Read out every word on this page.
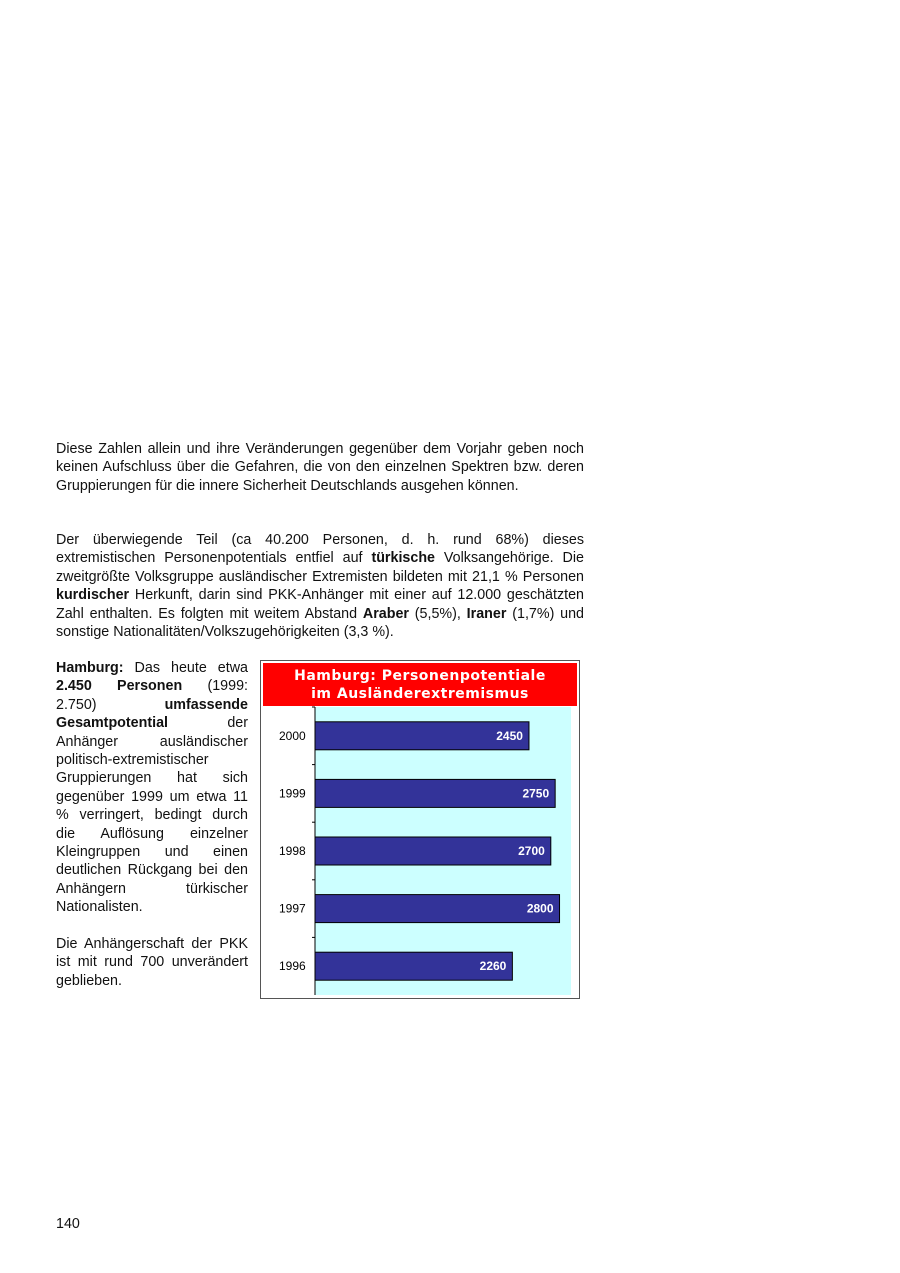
Diese Zahlen allein und ihre Veränderungen gegenüber dem Vorjahr geben noch keinen Aufschluss über die Gefahren, die von den einzelnen Spektren bzw. deren Gruppierungen für die innere Sicherheit Deutschlands ausgehen können.
Der überwiegende Teil (ca 40.200 Personen, d. h. rund 68%) dieses extremistischen Personenpotentials entfiel auf türkische Volksangehörige. Die zweitgrößte Volksgruppe ausländischer Extremisten bildeten mit 21,1 % Personen kurdischer Herkunft, darin sind PKK-Anhänger mit einer auf 12.000 geschätzten Zahl enthalten. Es folgten mit weitem Abstand Araber (5,5%), Iraner (1,7%) und sonstige Nationalitäten/Volkszugehörigkeiten (3,3 %).
Hamburg: Das heute etwa 2.450 Personen (1999: 2.750) umfassende Gesamtpotential der Anhänger ausländischer politisch-extremistischer Gruppierungen hat sich gegenüber 1999 um etwa 11 % verringert, bedingt durch die Auflösung einzelner Kleingruppen und einen deutlichen Rückgang bei den Anhängern türkischer Nationalisten.
Die Anhängerschaft der PKK ist mit rund 700 unverändert geblieben.
Hamburg: Personenpotentiale
im Ausländerextremismus
2450
2000
2750
1999
2700
1998
2800
1997
2260
1996
140
